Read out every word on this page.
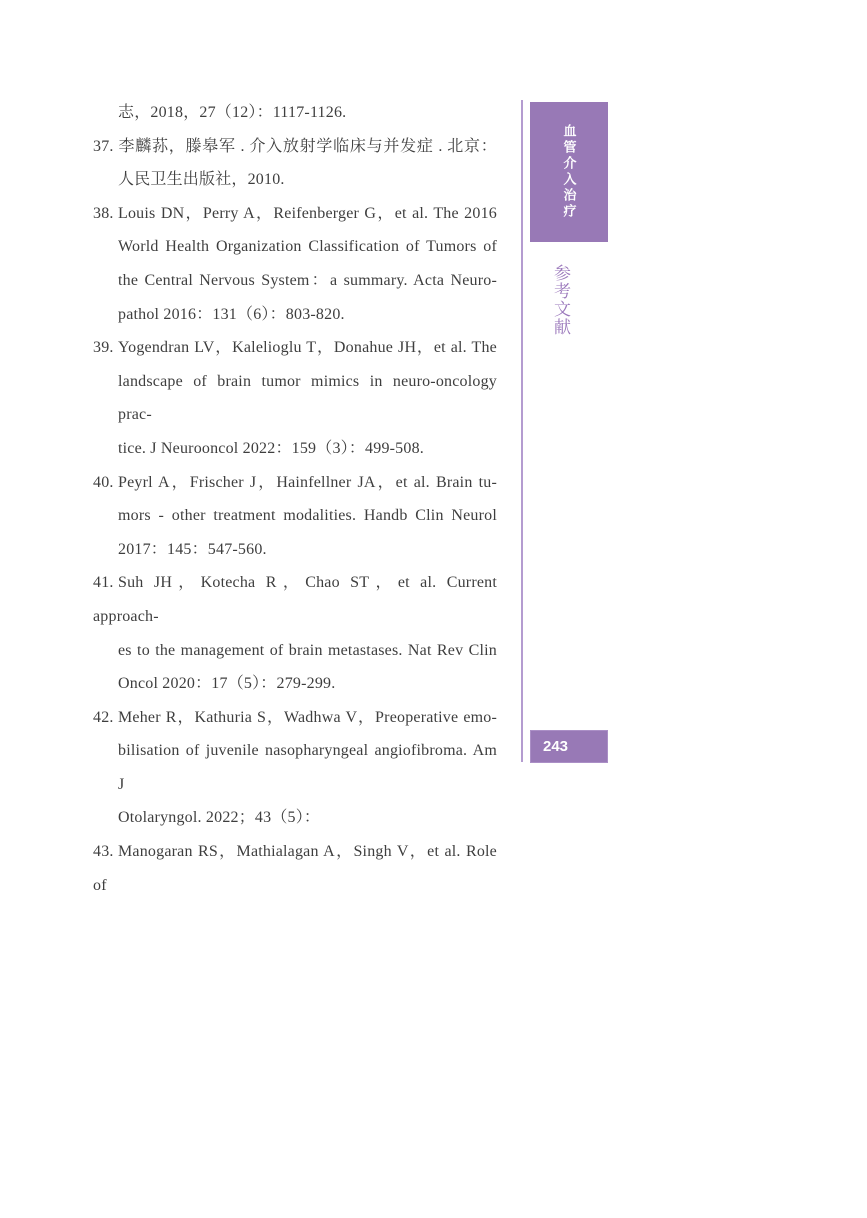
志，2018，27（12）：1117-1126.
37. 李麟荪，滕皋军 . 介入放射学临床与并发症 . 北京：
人民卫生出版社，2010.
38. Louis DN，Perry A，Reifenberger G，et al. The 2016
World Health Organization Classification of Tumors of
the Central Nervous System：a summary. Acta Neuro-
pathol 2016：131（6）：803-820.
39. Yogendran LV，Kalelioglu T，Donahue JH，et al. The
landscape of brain tumor mimics in neuro-oncology prac-
tice. J Neurooncol 2022：159（3）：499-508.
40. Peyrl A，Frischer J，Hainfellner JA，et al. Brain tu-
mors - other treatment modalities. Handb Clin Neurol
2017：145：547-560.
41. Suh JH，Kotecha R，Chao ST，et al. Current approach-
es to the management of brain metastases. Nat Rev Clin
Oncol 2020：17（5）：279-299.
42. Meher R，Kathuria S，Wadhwa V，Preoperative emo-
bilisation of juvenile nasopharyngeal angiofibroma. Am J
Otolaryngol. 2022；43（5）：
43. Manogaran RS，Mathialagan A，Singh V，et al. Role of
血管介入治疗
参考文献
243
